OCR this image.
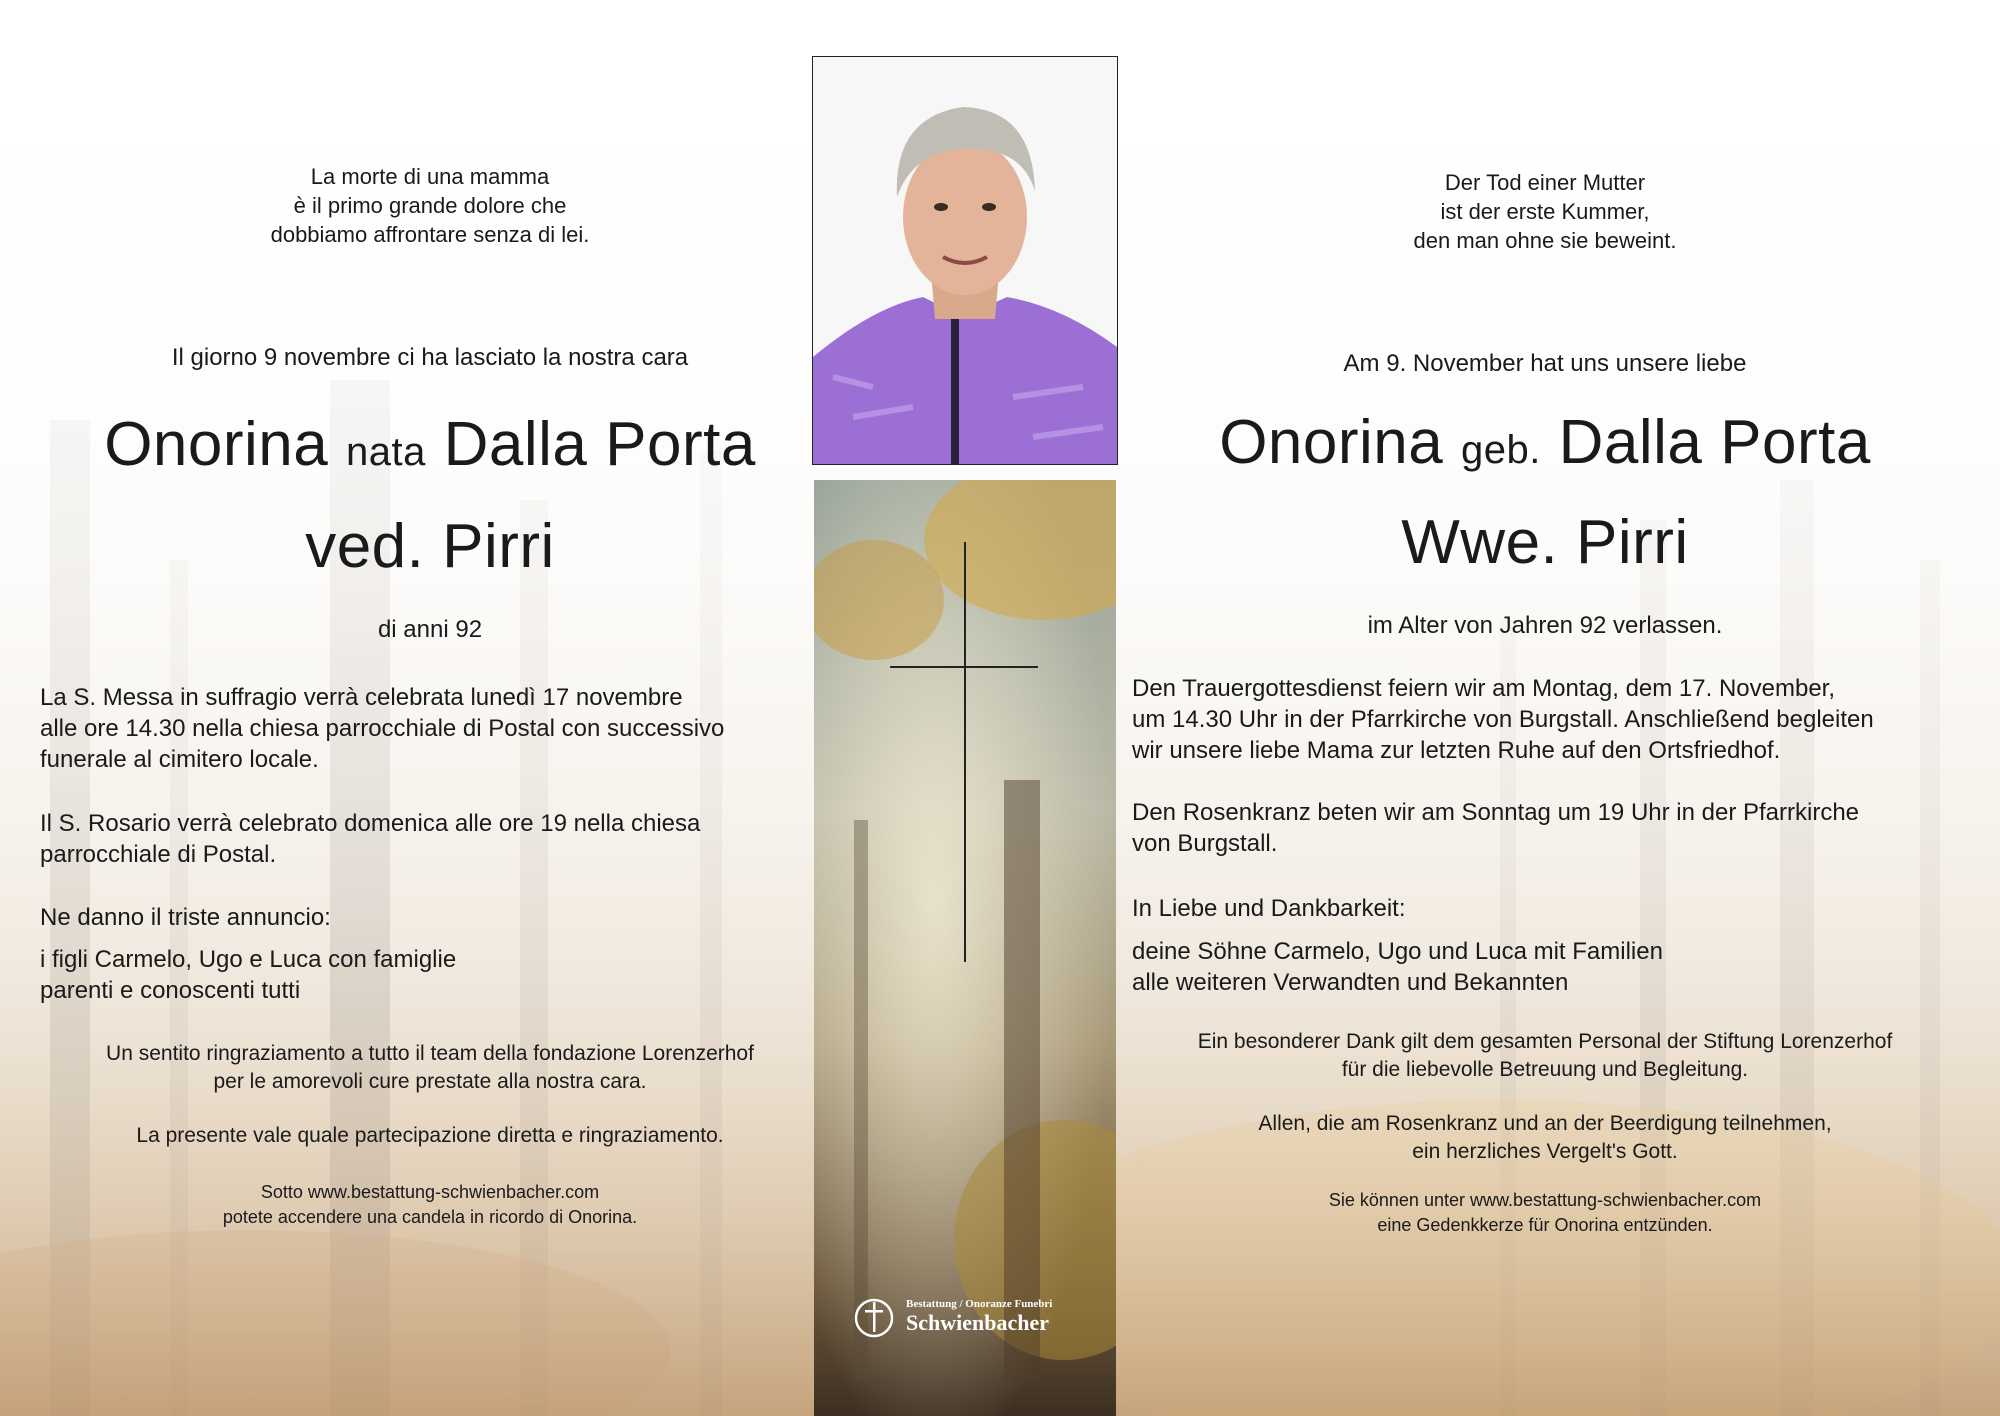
La morte di una mamma
è il primo grande dolore che
dobbiamo affrontare senza di lei.
Il giorno 9 novembre ci ha lasciato la nostra cara
Onorina nata Dalla Porta
ved. Pirri
di anni 92
La S. Messa in suffragio verrà celebrata lunedì 17 novembre
alle ore 14.30 nella chiesa parrocchiale di Postal con successivo
funerale al cimitero locale.
Il S. Rosario verrà celebrato domenica alle ore 19 nella chiesa
parrocchiale di Postal.
Ne danno il triste annuncio:
i figli Carmelo, Ugo e Luca con famiglie
parenti e conoscenti tutti
Un sentito ringraziamento a tutto il team della fondazione Lorenzerhof
per le amorevoli cure prestate alla nostra cara.
La presente vale quale partecipazione diretta e ringraziamento.
Sotto www.bestattung-schwienbacher.com
potete accendere una candela in ricordo di Onorina.
Bestattung / Onoranze Funebri
Schwienbacher
Der Tod einer Mutter
ist der erste Kummer,
den man ohne sie beweint.
Am 9. November hat uns unsere liebe
Onorina geb. Dalla Porta
Wwe. Pirri
im Alter von Jahren 92 verlassen.
Den Trauergottesdienst feiern wir am Montag, dem 17. November,
um 14.30 Uhr in der Pfarrkirche von Burgstall. Anschließend begleiten
wir unsere liebe Mama zur letzten Ruhe auf den Ortsfriedhof.
Den Rosenkranz beten wir am Sonntag um 19 Uhr in der Pfarrkirche
von Burgstall.
In Liebe und Dankbarkeit:
deine Söhne Carmelo, Ugo und Luca mit Familien
alle weiteren Verwandten und Bekannten
Ein besonderer Dank gilt dem gesamten Personal der Stiftung Lorenzerhof
für die liebevolle Betreuung und Begleitung.
Allen, die am Rosenkranz und an der Beerdigung teilnehmen,
ein herzliches Vergelt's Gott.
Sie können unter www.bestattung-schwienbacher.com
eine Gedenkkerze für Onorina entzünden.
